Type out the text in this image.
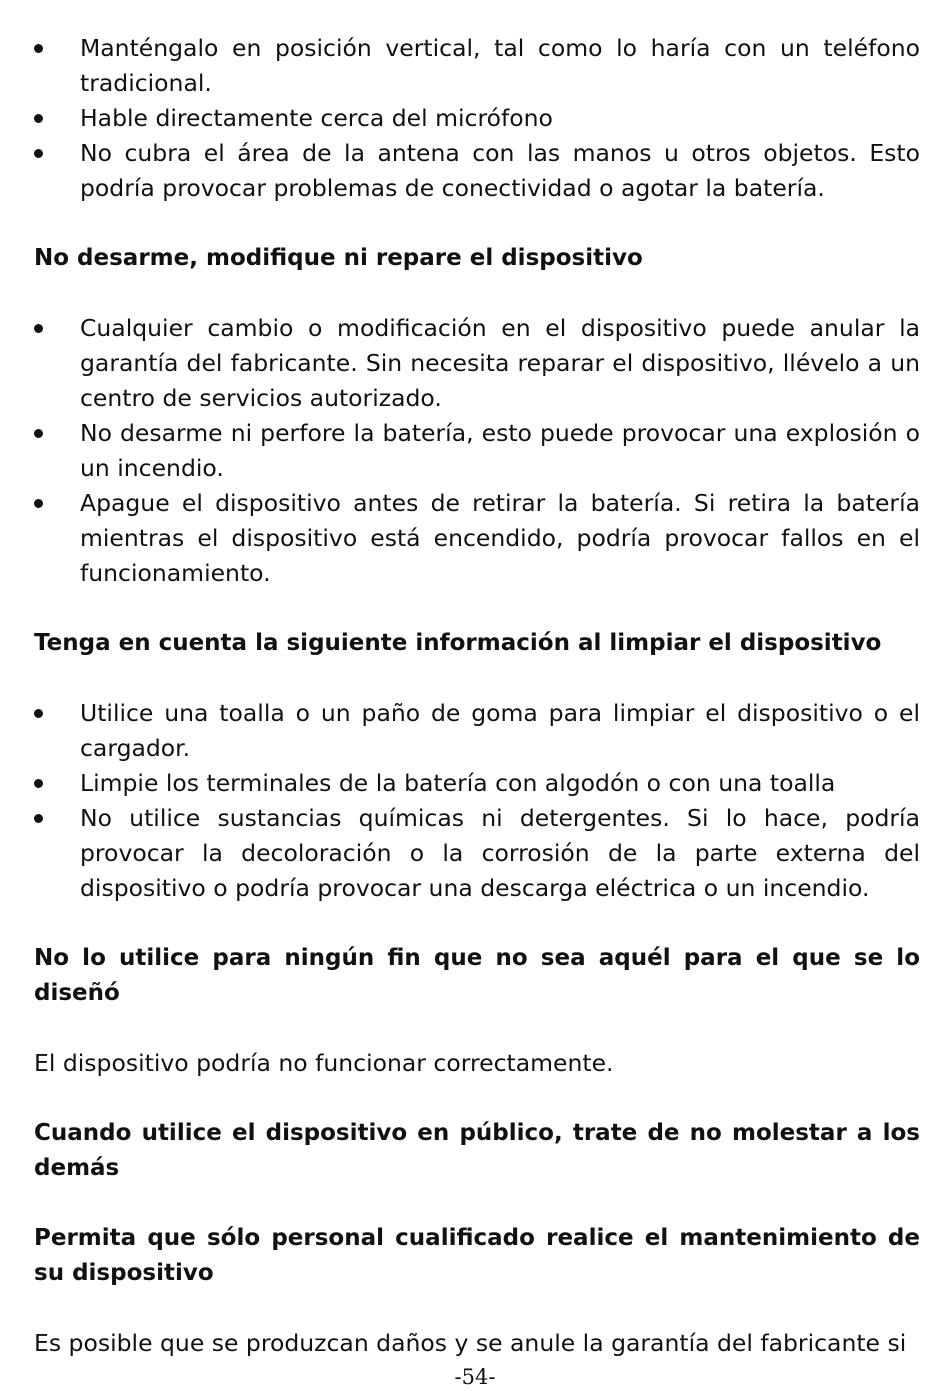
Manténgalo en posición vertical, tal como lo haría con un teléfono tradicional.
Hable directamente cerca del micrófono
No cubra el área de la antena con las manos u otros objetos. Esto podría provocar problemas de conectividad o agotar la batería.

No desarme, modifique ni repare el dispositivo

Cualquier cambio o modificación en el dispositivo puede anular la garantía del fabricante. Sin necesita reparar el dispositivo, llévelo a un centro de servicios autorizado.
No desarme ni perfore la batería, esto puede provocar una explosión o un incendio.
Apague el dispositivo antes de retirar la batería. Si retira la batería mientras el dispositivo está encendido, podría provocar fallos en el funcionamiento.

Tenga en cuenta la siguiente información al limpiar el dispositivo

Utilice una toalla o un paño de goma para limpiar el dispositivo o el cargador.
Limpie los terminales de la batería con algodón o con una toalla
No utilice sustancias químicas ni detergentes. Si lo hace, podría provocar la decoloración o la corrosión de la parte externa del dispositivo o podría provocar una descarga eléctrica o un incendio.

No lo utilice para ningún fin que no sea aquél para el que se lo diseñó

El dispositivo podría no funcionar correctamente.

Cuando utilice el dispositivo en público, trate de no molestar a los demás

Permita que sólo personal cualificado realice el mantenimiento de su dispositivo

Es posible que se produzcan daños y se anule la garantía del fabricante si

-54-
